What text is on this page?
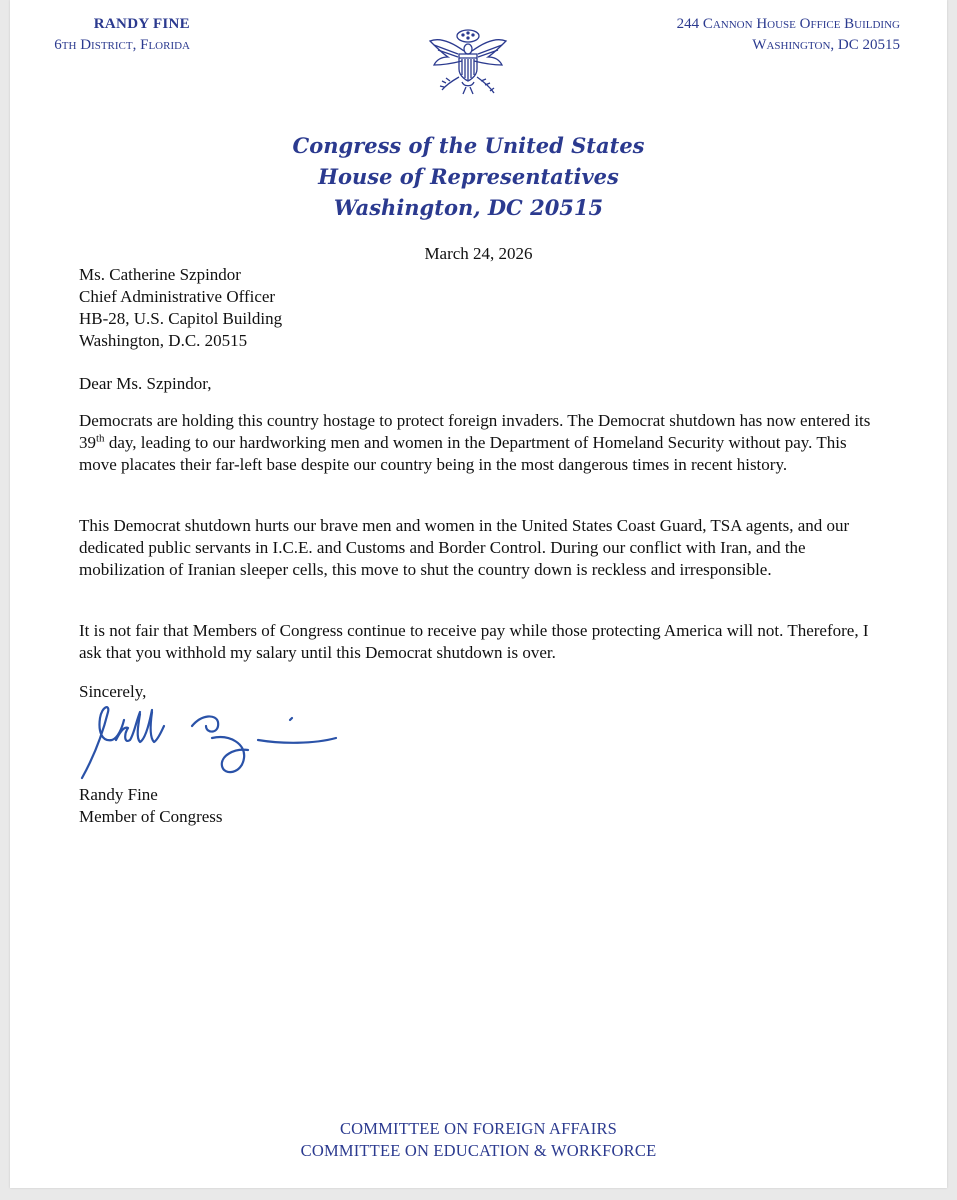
RANDY FINE
6th District, Florida
244 Cannon House Office Building
Washington, DC 20515
Congress of the United States
House of Representatives
Washington, DC 20515
March 24, 2026
Ms. Catherine Szpindor
Chief Administrative Officer
HB-28, U.S. Capitol Building
Washington, D.C. 20515
Dear Ms. Szpindor,

Democrats are holding this country hostage to protect foreign invaders. The Democrat shutdown has now entered its 39th day, leading to our hardworking men and women in the Department of Homeland Security without pay. This move placates their far-left base despite our country being in the most dangerous times in recent history.

This Democrat shutdown hurts our brave men and women in the United States Coast Guard, TSA agents, and our dedicated public servants in I.C.E. and Customs and Border Control. During our conflict with Iran, and the mobilization of Iranian sleeper cells, this move to shut the country down is reckless and irresponsible.

It is not fair that Members of Congress continue to receive pay while those protecting America will not. Therefore, I ask that you withhold my salary until this Democrat shutdown is over.

Sincerely,
Randy Fine
Member of Congress
COMMITTEE ON FOREIGN AFFAIRS
COMMITTEE ON EDUCATION & WORKFORCE
